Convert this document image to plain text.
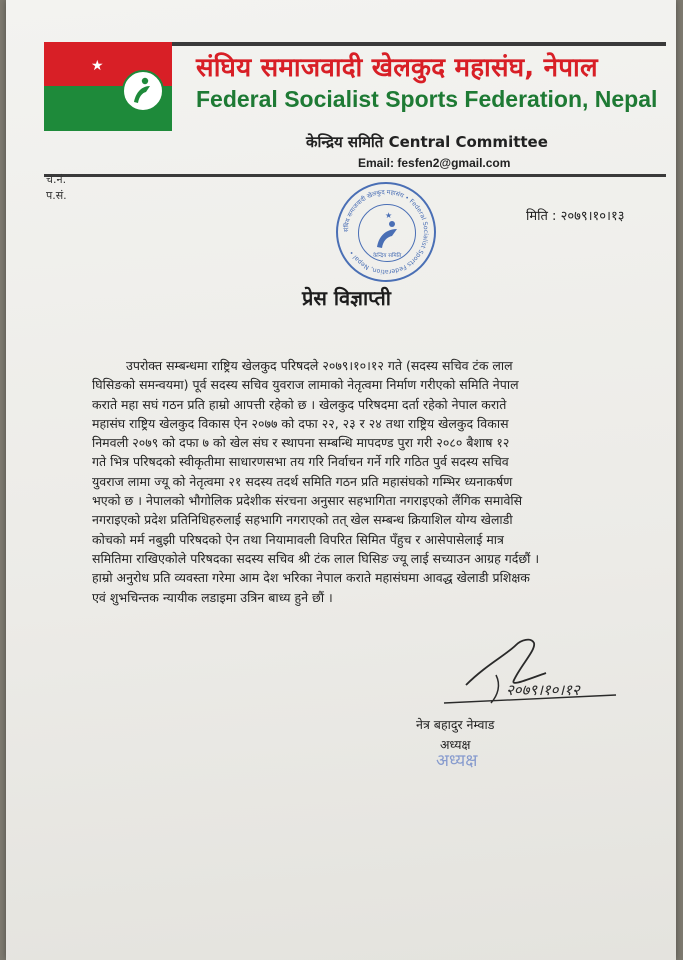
★	संघिय समाजवादी खेलकुद महासंघ, नेपाल
Federal Socialist Sports Federation, Nepal
केन्द्रिय समिति Central Committee
Email: fesfen2@gmail.com
च.नं.
प.सं.
संघिय समाजवादी खेलकुद महासंघ • Federal Socialist Sports Federation, Nepal •
★
केन्द्रिय समिति
मिति : २०७९।१०।१३
प्रेस विज्ञाप्ती
उपरोक्त सम्बन्धमा राष्ट्रिय खेलकुद परिषदले २०७९।१०।१२ गते (सदस्य सचिव टंक लाल
घिसिङको समन्वयमा) पूर्व सदस्य सचिव युवराज लामाको नेतृत्वमा निर्माण गरीएको समिति नेपाल
कराते महा सघं गठन प्रति हाम्रो आपत्ती रहेको छ । खेलकुद परिषदमा दर्ता रहेको नेपाल कराते
महासंघ राष्ट्रिय खेलकुद विकास ऐन २०७७ को दफा २२, २३ र २४ तथा राष्ट्रिय खेलकुद विकास
निमवली २०७९ को दफा ७ को खेल संघ र स्थापना सम्बन्धि मापदण्ड पुरा गरी २०८० बैशाष १२
गते भित्र परिषदको स्वीकृतीमा साधारणसभा तय गरि निर्वाचन गर्ने गरि गठित पुर्व सदस्य सचिव
युवराज लामा ज्यू को नेतृत्वमा २१ सदस्य तदर्थ समिति गठन प्रति महासंघको गम्भिर ध्यनाकर्षण
भएको छ । नेपालको भौगोलिक प्रदेशीक संरचना अनुसार सहभागिता नगराइएको लैंगिक समावेसि
नगराइएको प्रदेश प्रतिनिधिहरुलाई सहभागि नगराएको तत् खेल सम्बन्ध क्रियाशिल योग्य खेलाडी
कोचको मर्म नबुझी परिषदको ऐन तथा नियामावली विपरित सिमित पँहुच र आसेपासेलाई मात्र
समितिमा राखिएकोले परिषदका सदस्य सचिव श्री टंक लाल घिसिङ ज्यू लाई सच्याउन आग्रह गर्दछौं ।
हाम्रो अनुरोध प्रति व्यवस्ता गरेमा आम देश भरिका नेपाल कराते महासंघमा आवद्ध खेलाडी प्रशिक्षक
एवं शुभचिन्तक न्यायीक लडाइमा उत्रिन बाध्य हुने छौं ।
२०७९।१०।१२
नेत्र बहादुर नेम्वाड
अध्यक्ष
अध्यक्ष
